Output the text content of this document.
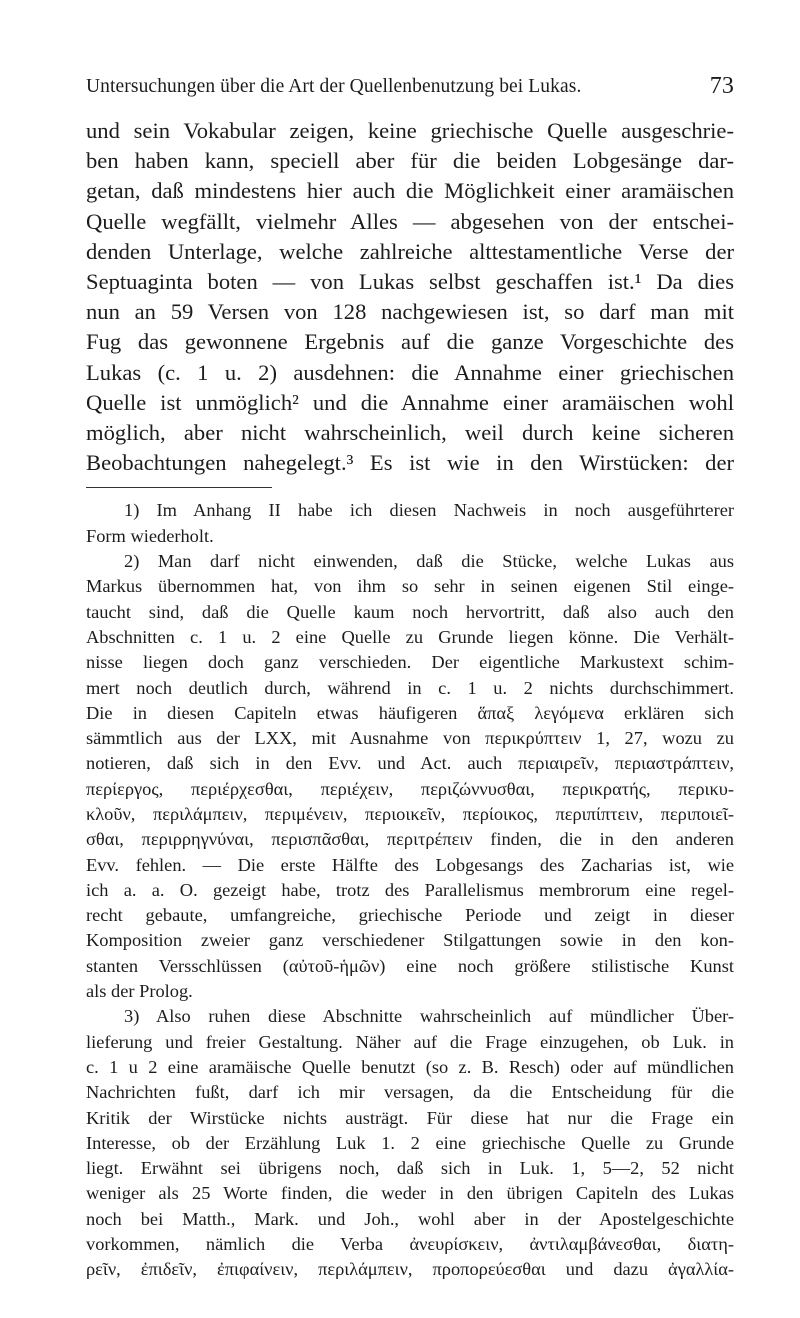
Untersuchungen über die Art der Quellenbenutzung bei Lukas.	73
und sein Vokabular zeigen, keine griechische Quelle ausgeschrie-
ben haben kann, speciell aber für die beiden Lobgesänge dar-
getan, daß mindestens hier auch die Möglichkeit einer aramäischen
Quelle wegfällt, vielmehr Alles — abgesehen von der entschei-
denden Unterlage, welche zahlreiche alttestamentliche Verse der
Septuaginta boten — von Lukas selbst geschaffen ist.¹ Da dies
nun an 59 Versen von 128 nachgewiesen ist, so darf man mit
Fug das gewonnene Ergebnis auf die ganze Vorgeschichte des
Lukas (c. 1 u. 2) ausdehnen: die Annahme einer griechischen
Quelle ist unmöglich² und die Annahme einer aramäischen wohl
möglich, aber nicht wahrscheinlich, weil durch keine sicheren
Beobachtungen nahegelegt.³ Es ist wie in den Wirstücken: der
1) Im Anhang II habe ich diesen Nachweis in noch ausgeführterer
Form wiederholt.
2) Man darf nicht einwenden, daß die Stücke, welche Lukas aus
Markus übernommen hat, von ihm so sehr in seinen eigenen Stil einge-
taucht sind, daß die Quelle kaum noch hervortritt, daß also auch den
Abschnitten c. 1 u. 2 eine Quelle zu Grunde liegen könne. Die Verhält-
nisse liegen doch ganz verschieden. Der eigentliche Markustext schim-
mert noch deutlich durch, während in c. 1 u. 2 nichts durchschimmert.
Die in diesen Capiteln etwas häufigeren ἅπαξ λεγόμενα erklären sich
sämmtlich aus der LXX, mit Ausnahme von περικρύπτειν 1, 27, wozu zu
notieren, daß sich in den Evv. und Act. auch περιαιρεῖν, περιαστράπτειν,
περίεργος, περιέρχεσθαι, περιέχειν, περιζώννυσθαι, περικρατής, περικυ-
κλοῦν, περιλάμπειν, περιμένειν, περιοικεῖν, περίοικος, περιπίπτειν, περιποιεῖ-
σθαι, περιρρηγνύναι, περισπᾶσθαι, περιτρέπειν finden, die in den anderen
Evv. fehlen. — Die erste Hälfte des Lobgesangs des Zacharias ist, wie
ich a. a. O. gezeigt habe, trotz des Parallelismus membrorum eine regel-
recht gebaute, umfangreiche, griechische Periode und zeigt in dieser
Komposition zweier ganz verschiedener Stilgattungen sowie in den kon-
stanten Versschlüssen (αὐτοῦ-ἡμῶν) eine noch größere stilistische Kunst
als der Prolog.
3) Also ruhen diese Abschnitte wahrscheinlich auf mündlicher Über-
lieferung und freier Gestaltung. Näher auf die Frage einzugehen, ob Luk. in
c. 1 u 2 eine aramäische Quelle benutzt (so z. B. Resch) oder auf mündlichen
Nachrichten fußt, darf ich mir versagen, da die Entscheidung für die
Kritik der Wirstücke nichts austrägt. Für diese hat nur die Frage ein
Interesse, ob der Erzählung Luk 1. 2 eine griechische Quelle zu Grunde
liegt. Erwähnt sei übrigens noch, daß sich in Luk. 1, 5—2, 52 nicht
weniger als 25 Worte finden, die weder in den übrigen Capiteln des Lukas
noch bei Matth., Mark. und Joh., wohl aber in der Apostelgeschichte
vorkommen, nämlich die Verba ἀνευρίσκειν, ἀντιλαμβάνεσθαι, διατη-
ρεῖν, ἐπιδεῖν, ἐπιφαίνειν, περιλάμπειν, προπορεύεσθαι und dazu ἀγαλλία-
